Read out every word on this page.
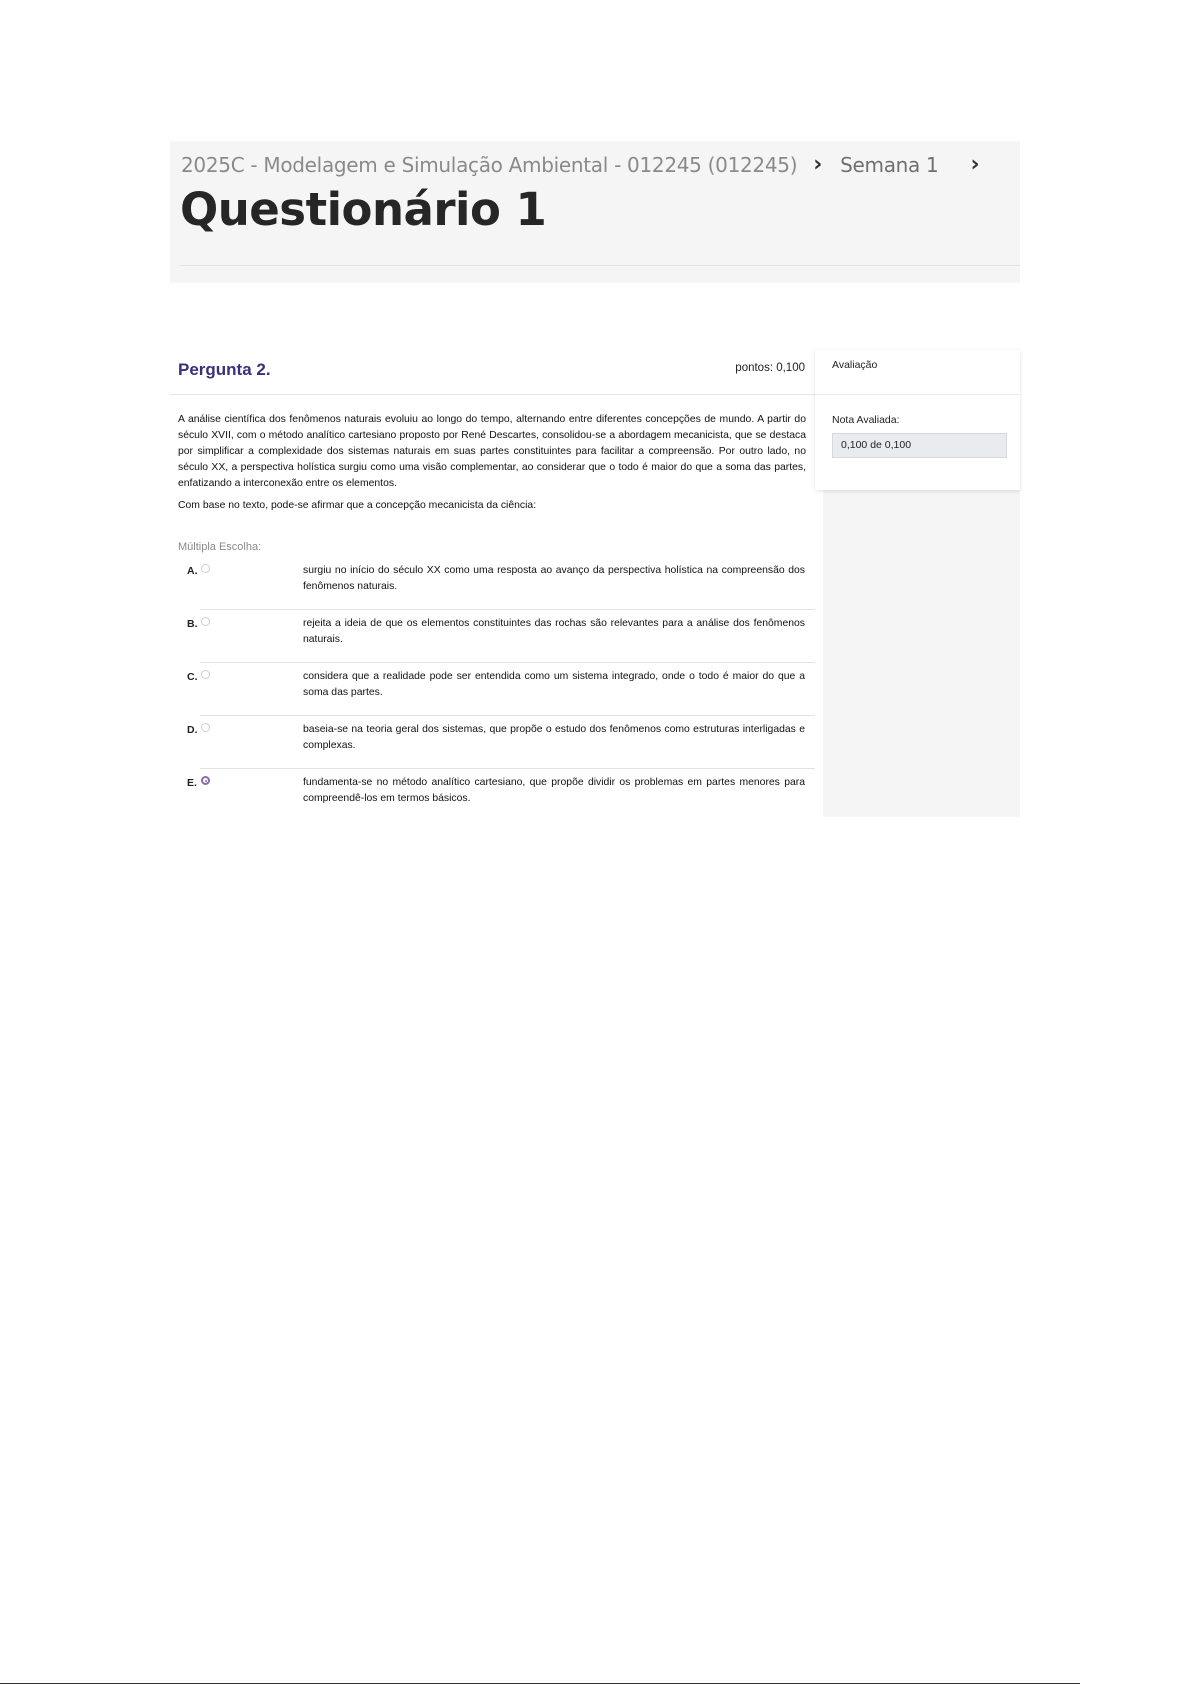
2025C - Modelagem e Simulação Ambiental - 012245 (012245) › Semana 1 ›
Questionário 1
Pergunta 2.	pontos: 0,100

A análise científica dos fenômenos naturais evoluiu ao longo do tempo, alternando entre diferentes concepções de mundo. A partir do século XVII, com o método analítico cartesiano proposto por René Descartes, consolidou-se a abordagem mecanicista, que se destaca por simplificar a complexidade dos sistemas naturais em suas partes constituintes para facilitar a compreensão. Por outro lado, no século XX, a perspectiva holística surgiu como uma visão complementar, ao considerar que o todo é maior do que a soma das partes, enfatizando a interconexão entre os elementos.

Com base no texto, pode-se afirmar que a concepção mecanicista da ciência:

Múltipla Escolha:
A.	surgiu no início do século XX como uma resposta ao avanço da perspectiva holística na compreensão dos fenômenos naturais.
B.	rejeita a ideia de que os elementos constituintes das rochas são relevantes para a análise dos fenômenos naturais.
C.	considera que a realidade pode ser entendida como um sistema integrado, onde o todo é maior do que a soma das partes.
D.	baseia-se na teoria geral dos sistemas, que propõe o estudo dos fenômenos como estruturas interligadas e complexas.
E.	fundamenta-se no método analítico cartesiano, que propõe dividir os problemas em partes menores para compreendê-los em termos básicos.
Avaliação
Nota Avaliada:
0,100 de 0,100
